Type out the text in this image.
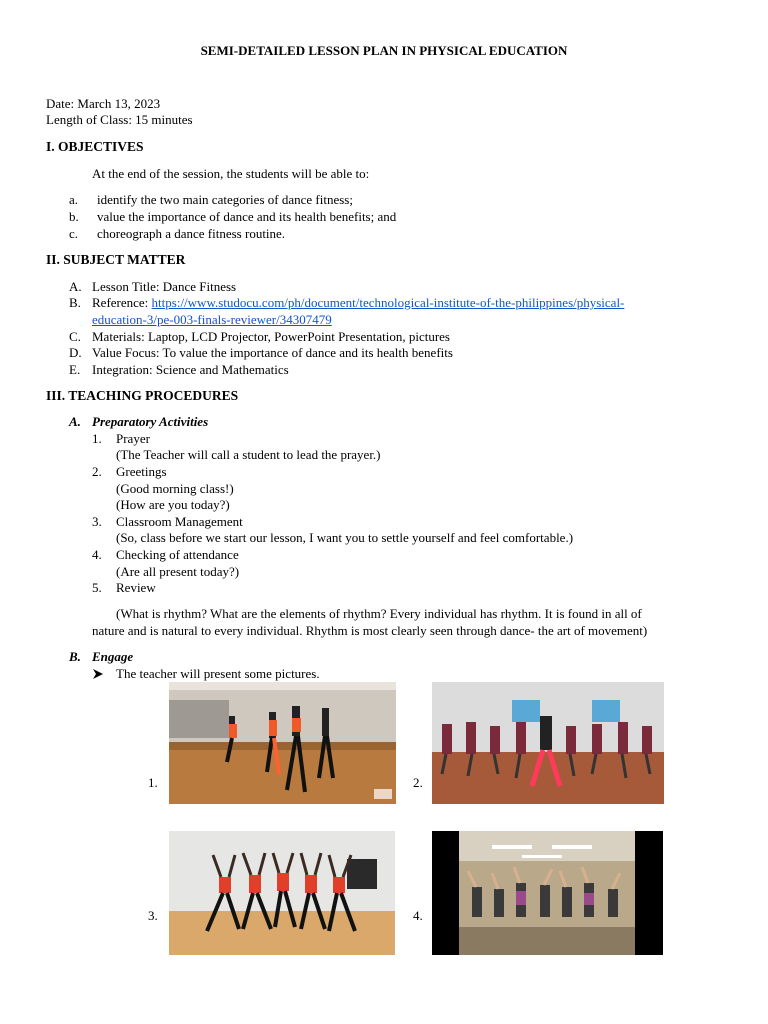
SEMI-DETAILED LESSON PLAN IN PHYSICAL EDUCATION
Date: March 13, 2023
Length of Class: 15 minutes
I. OBJECTIVES
At the end of the session, the students will be able to:
a. identify the two main categories of dance fitness;
b. value the importance of dance and its health benefits; and
c. choreograph a dance fitness routine.
II. SUBJECT MATTER
A. Lesson Title: Dance Fitness
B. Reference: https://www.studocu.com/ph/document/technological-institute-of-the-philippines/physical-
education-3/pe-003-finals-reviewer/34307479
C. Materials: Laptop, LCD Projector, PowerPoint Presentation, pictures
D. Value Focus: To value the importance of dance and its health benefits
E. Integration: Science and Mathematics
III. TEACHING PROCEDURES
A. Preparatory Activities
1. Prayer
(The Teacher will call a student to lead the prayer.)
2. Greetings
(Good morning class!)
(How are you today?)
3. Classroom Management
(So, class before we start our lesson, I want you to settle yourself and feel comfortable.)
4. Checking of attendance
(Are all present today?)
5. Review
(What is rhythm? What are the elements of rhythm? Every individual has rhythm. It is found in all of
nature and is natural to every individual. Rhythm is most clearly seen through dance- the art of movement)
B. Engage
The teacher will present some pictures.
1.	2.
3.	4.
